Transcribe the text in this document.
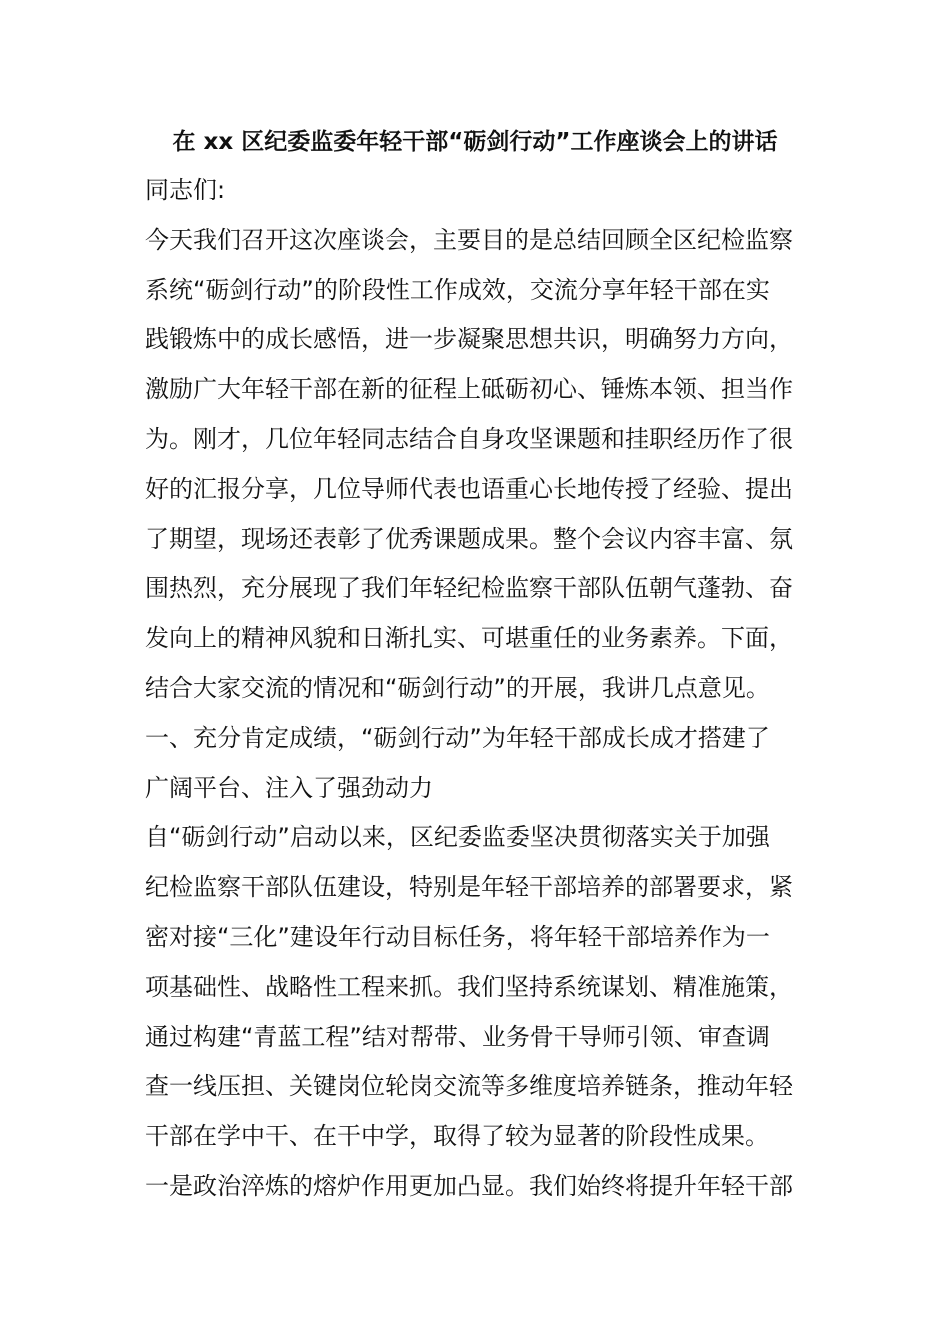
在 xx 区纪委监委年轻干部“砺剑行动”工作座谈会上的讲话
同志们:
今天我们召开这次座谈会，主要目的是总结回顾全区纪检监察
系统“砺剑行动”的阶段性工作成效，交流分享年轻干部在实
践锻炼中的成长感悟，进一步凝聚思想共识，明确努力方向，
激励广大年轻干部在新的征程上砥砺初心、锤炼本领、担当作
为。刚才，几位年轻同志结合自身攻坚课题和挂职经历作了很
好的汇报分享，几位导师代表也语重心长地传授了经验、提出
了期望，现场还表彰了优秀课题成果。整个会议内容丰富、氛
围热烈，充分展现了我们年轻纪检监察干部队伍朝气蓬勃、奋
发向上的精神风貌和日渐扎实、可堪重任的业务素养。下面，
结合大家交流的情况和“砺剑行动”的开展，我讲几点意见。
一、充分肯定成绩，“砺剑行动”为年轻干部成长成才搭建了
广阔平台、注入了强劲动力
自“砺剑行动”启动以来，区纪委监委坚决贯彻落实关于加强
纪检监察干部队伍建设，特别是年轻干部培养的部署要求，紧
密对接“三化”建设年行动目标任务，将年轻干部培养作为一
项基础性、战略性工程来抓。我们坚持系统谋划、精准施策，
通过构建“青蓝工程”结对帮带、业务骨干导师引领、审查调
查一线压担、关键岗位轮岗交流等多维度培养链条，推动年轻
干部在学中干、在干中学，取得了较为显著的阶段性成果。
一是政治淬炼的熔炉作用更加凸显。我们始终将提升年轻干部
